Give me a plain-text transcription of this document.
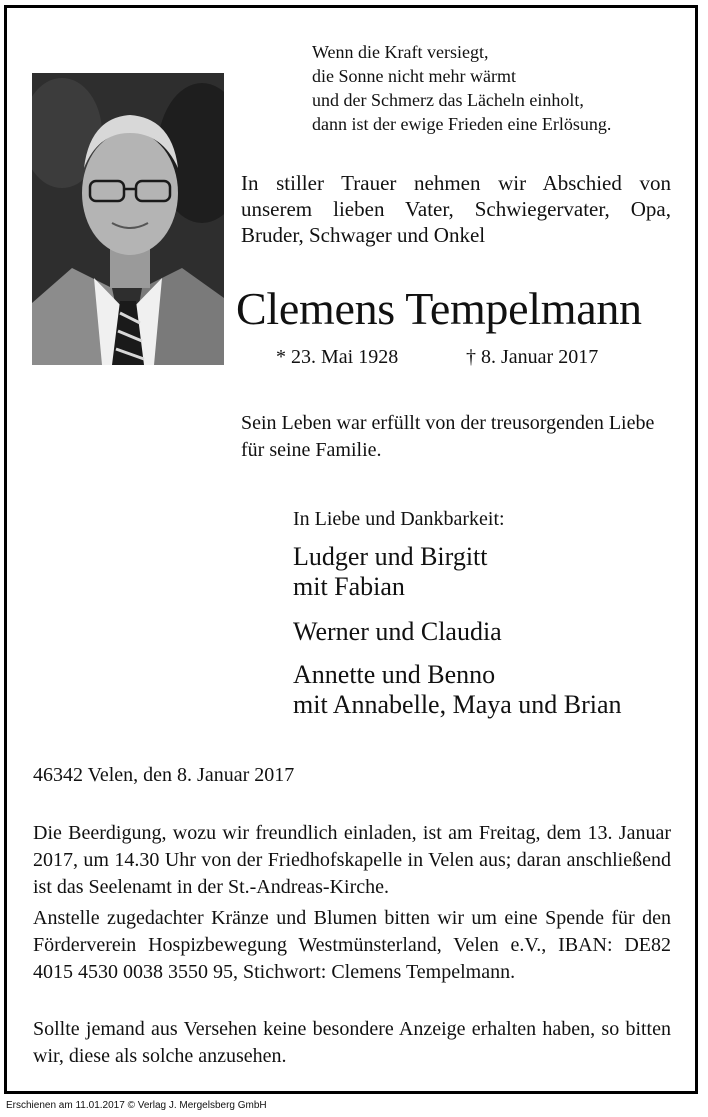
Wenn die Kraft versiegt,
die Sonne nicht mehr wärmt
und der Schmerz das Lächeln einholt,
dann ist der ewige Frieden eine Erlösung.
In stiller Trauer nehmen wir Abschied von unserem lieben Vater, Schwiegervater, Opa, Bruder, Schwager und Onkel
Clemens Tempelmann
* 23. Mai 1928	† 8. Januar 2017
Sein Leben war erfüllt von der treusorgenden Liebe für seine Familie.
In Liebe und Dankbarkeit:
Ludger und Birgitt
mit Fabian
Werner und Claudia
Annette und Benno
mit Annabelle, Maya und Brian
46342 Velen, den 8. Januar 2017
Die Beerdigung, wozu wir freundlich einladen, ist am Freitag, dem 13. Januar 2017, um 14.30 Uhr von der Friedhofskapelle in Velen aus; daran anschließend ist das Seelenamt in der St.-Andreas-Kirche.
Anstelle zugedachter Kränze und Blumen bitten wir um eine Spende für den Förderverein Hospizbewegung Westmünsterland, Velen e.V., IBAN: DE82 4015 4530 0038 3550 95, Stichwort: Clemens Tempelmann.
Sollte jemand aus Versehen keine besondere Anzeige erhalten haben, so bitten wir, diese als solche anzusehen.
Erschienen am 11.01.2017 © Verlag J. Mergelsberg GmbH
